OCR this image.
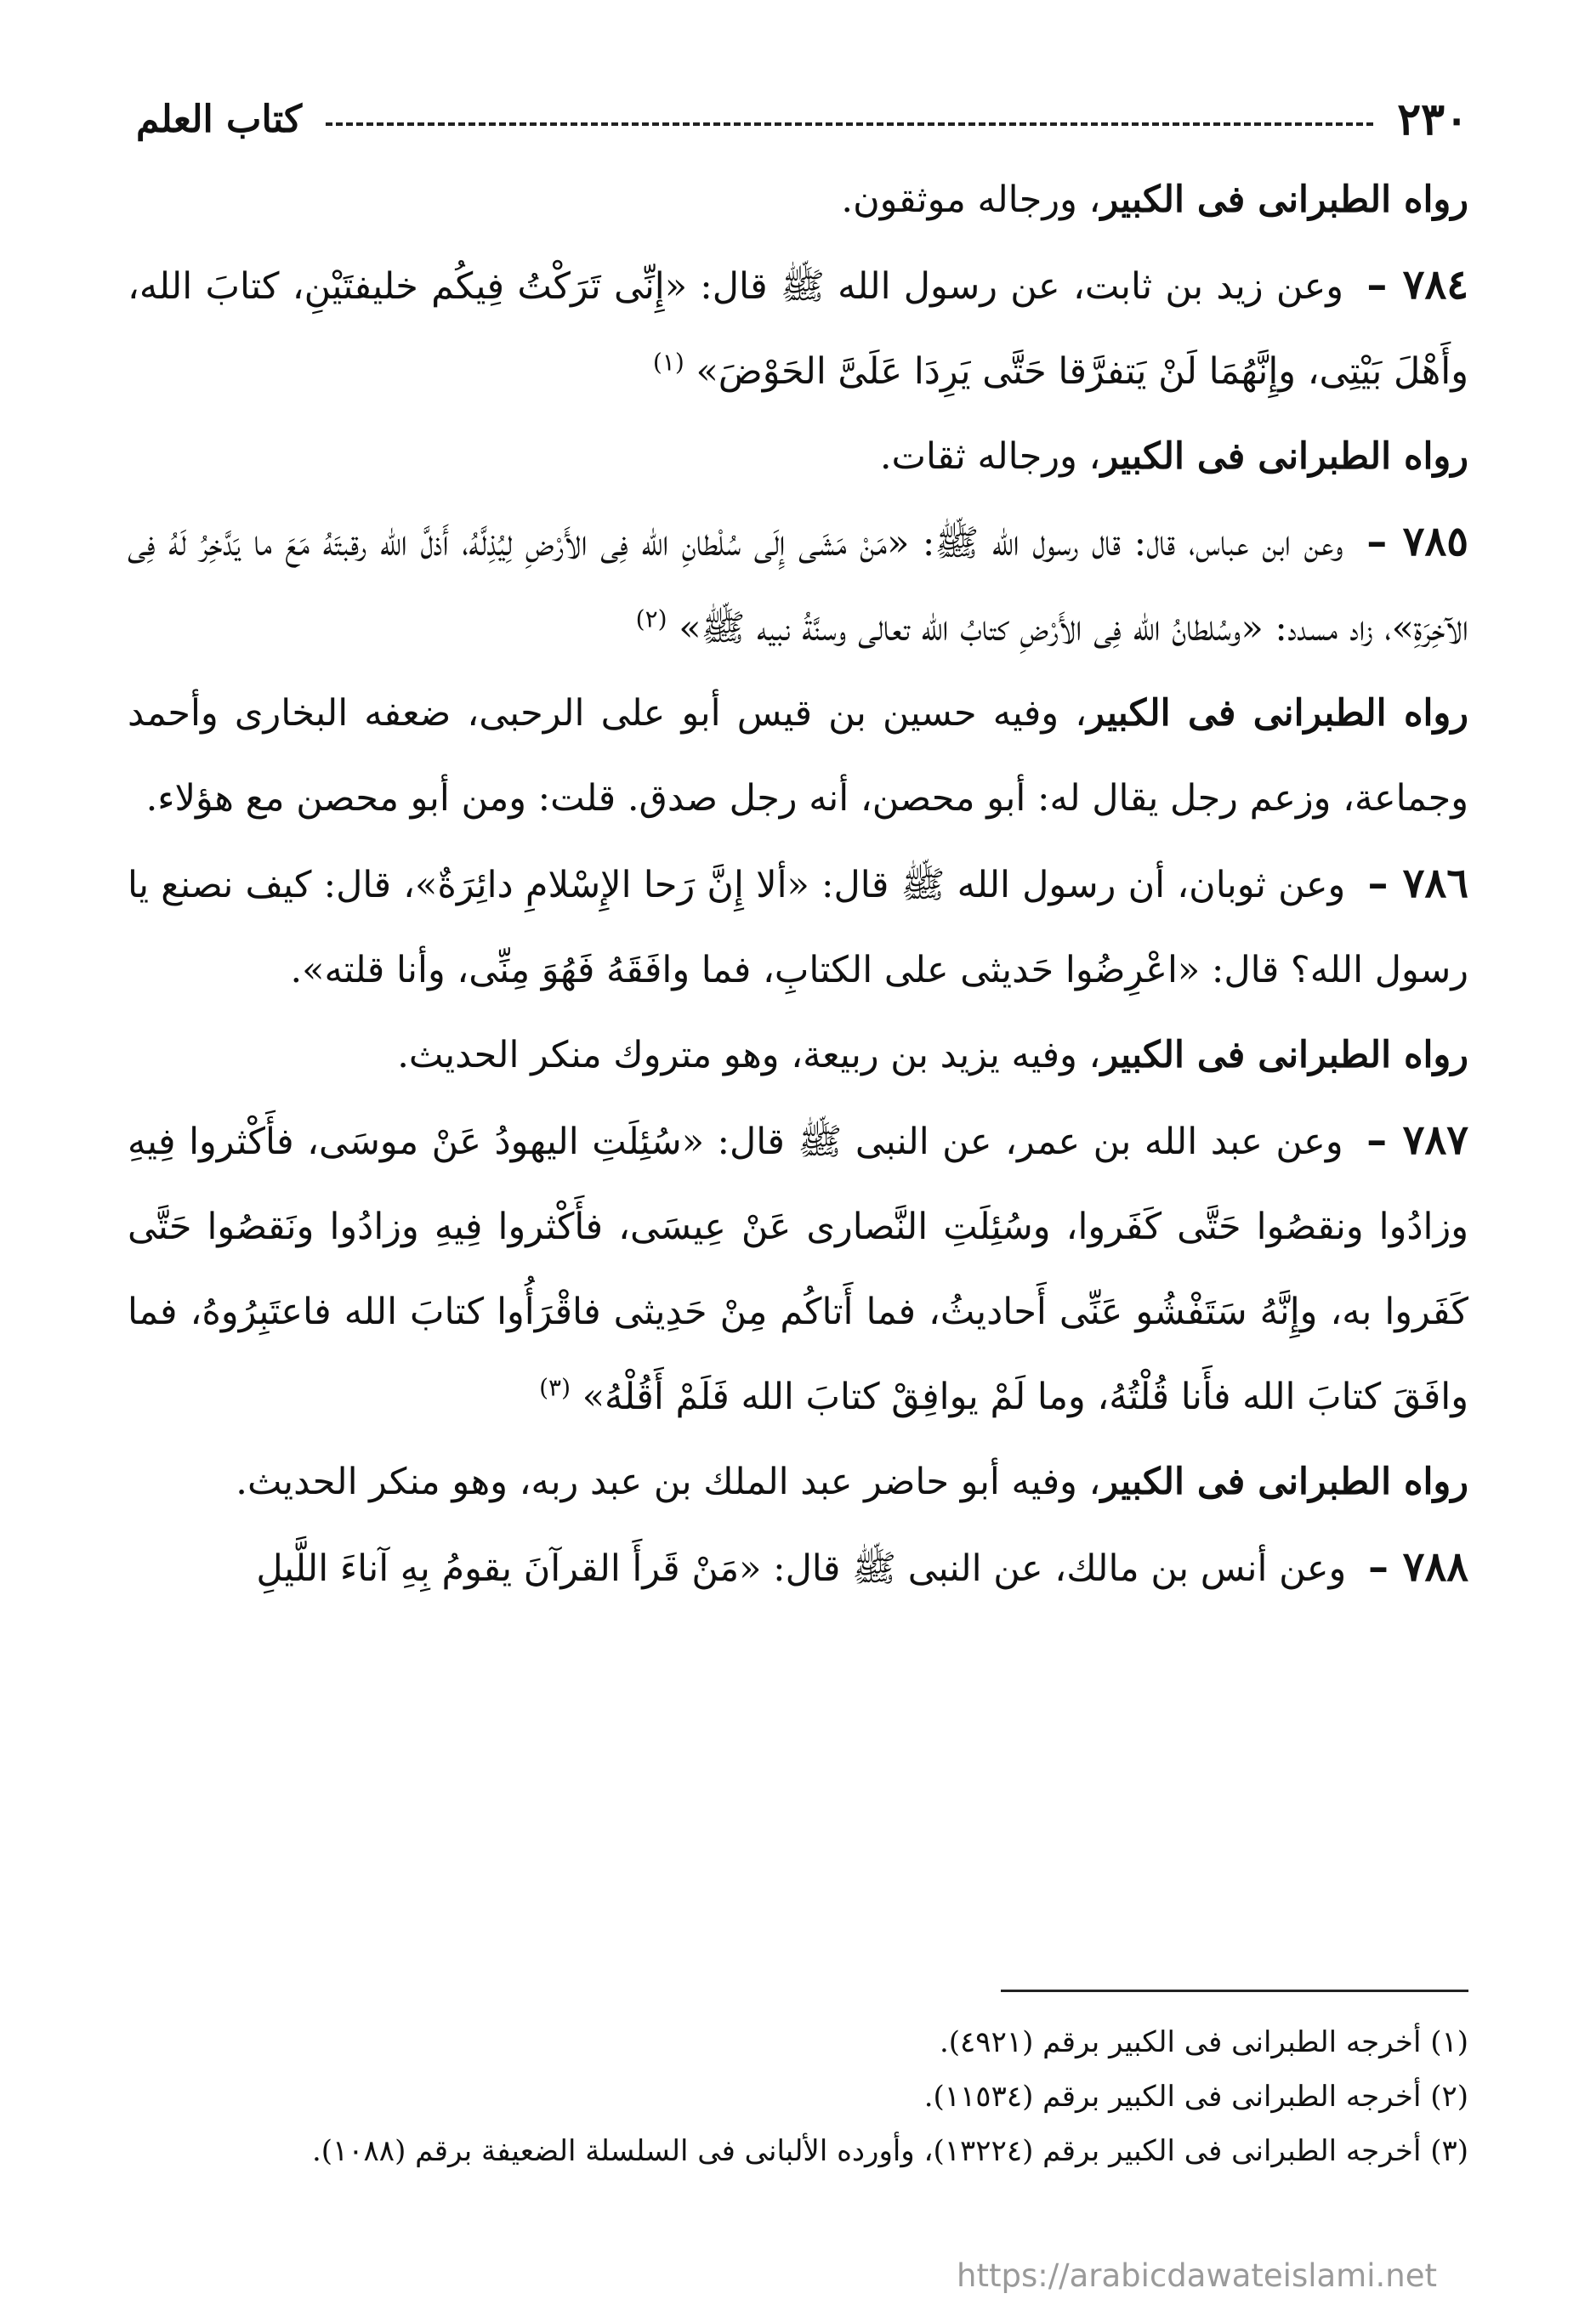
٢٣٠
كتاب العلم

رواه الطبرانى فى الكبير، ورجاله موثقون.

٧٨٤ – وعن زيد بن ثابت، عن رسول الله ﷺ قال: «إِنِّى تَرَكْتُ فِيكُم خليفتَيْنِ، كتابَ الله، وأَهْلَ بَيْتِى، وإِنَّهُمَا لَنْ يَتفرَّقا حَتَّى يَرِدَا عَلَىَّ الحَوْضَ» $^{(١)}$

رواه الطبرانى فى الكبير، ورجاله ثقات.

٧٨٥ – وعن ابن عباس، قال: قال رسول الله ﷺ: «مَنْ مَشَى إِلَى سُلْطانِ الله فِى الأَرْضِ لِيُذِلَّهُ، أَذلَّ الله رقبتَهُ مَعَ ما يَدَّخِرُ لَهُ فِى الآخِرَةِ»، زاد مسدد: «وسُلطانُ الله فِى الأَرْضِ كتابُ الله تعالى وسنَّةُ نبيه ﷺ» $^{(٢)}$

رواه الطبرانى فى الكبير، وفيه حسين بن قيس أبو على الرحبى، ضعفه البخارى وأحمد وجماعة، وزعم رجل يقال له: أبو محصن، أنه رجل صدق. قلت: ومن أبو محصن مع هؤلاء.

٧٨٦ – وعن ثوبان، أن رسول الله ﷺ قال: «ألا إِنَّ رَحا الإِسْلامِ دائِرَةٌ»، قال: كيف نصنع يا رسول الله؟ قال: «اعْرِضُوا حَديثى على الكتابِ، فما وافَقَهُ فَهُوَ مِنِّى، وأنا قلته».

رواه الطبرانى فى الكبير، وفيه يزيد بن ربيعة، وهو متروك منكر الحديث.

٧٨٧ – وعن عبد الله بن عمر، عن النبى ﷺ قال: «سُئِلَتِ اليهودُ عَنْ موسَى، فأَكْثروا فِيهِ وزادُوا ونقصُوا حَتَّى كَفَروا، وسُئِلَتِ النَّصارى عَنْ عِيسَى، فأَكْثروا فِيهِ وزادُوا ونَقصُوا حَتَّى كَفَروا به، وإِنَّهُ سَتَفْشُو عَنِّى أَحاديثُ، فما أَتاكُم مِنْ حَدِيثى فاقْرَأُوا كتابَ الله فاعتَبِرُوهُ، فما وافَقَ كتابَ الله فأَنا قُلْتُهُ، وما لَمْ يوافِقْ كتابَ الله فَلَمْ أَقُلْهُ» $^{(٣)}$

رواه الطبرانى فى الكبير، وفيه أبو حاضر عبد الملك بن عبد ربه، وهو منكر الحديث.

٧٨٨ – وعن أنس بن مالك، عن النبى ﷺ قال: «مَنْ قَرأَ القرآنَ يقومُ بِهِ آناءَ اللَّيلِ

(١) أخرجه الطبرانى فى الكبير برقم (٤٩٢١).

(٢) أخرجه الطبرانى فى الكبير برقم (١١٥٣٤).

(٣) أخرجه الطبرانى فى الكبير برقم (١٣٢٢٤)، وأورده الألبانى فى السلسلة الضعيفة برقم (١٠٨٨).

https://arabicdawateislami.net
